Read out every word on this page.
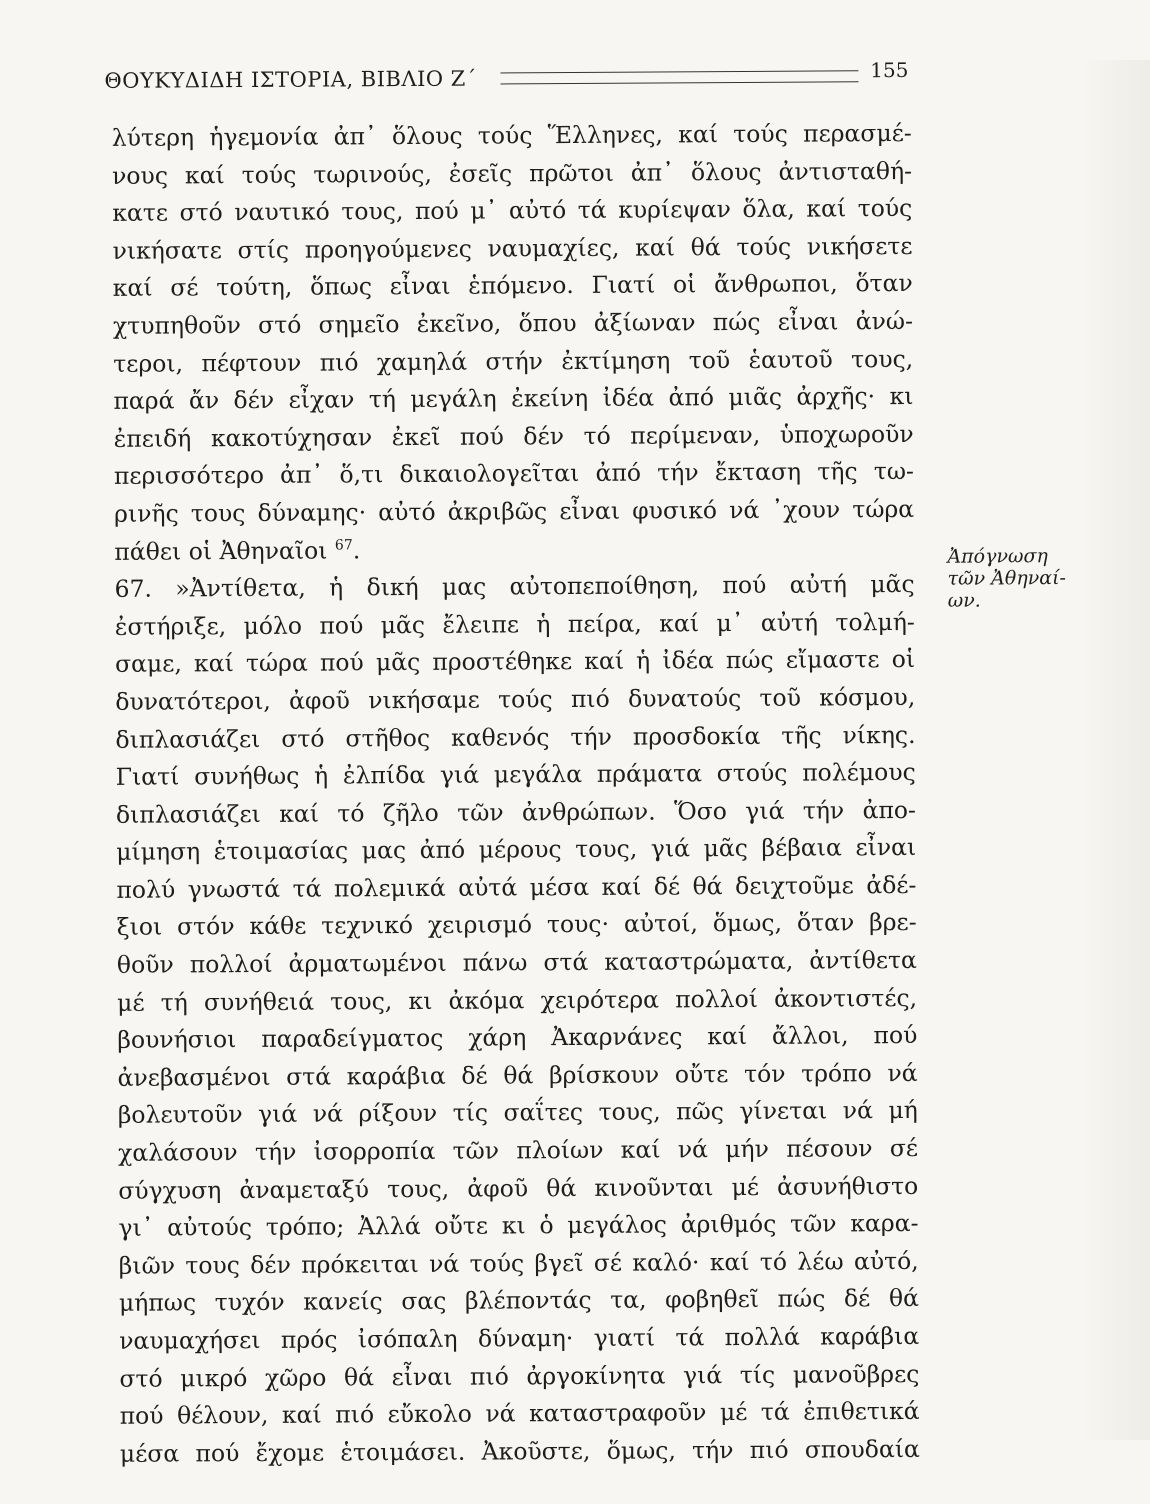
ΘΟΥΚΥΔΙΔΗ ΙΣΤΟΡΙΑ, ΒΙΒΛΙΟ Ζ΄	155
λύτερη ἡγεμονία ἀπ᾽ ὅλους τούς Ἕλληνες, καί τούς περασμέ-
νους καί τούς τωρινούς, ἐσεῖς πρῶτοι ἀπ᾽ ὅλους ἀντισταθή-
κατε στό ναυτικό τους, πού μ᾽ αὐτό τά κυρίεψαν ὅλα, καί τούς
νικήσατε στίς προηγούμενες ναυμαχίες, καί θά τούς νικήσετε
καί σέ τούτη, ὅπως εἶναι ἑπόμενο. Γιατί οἱ ἄνθρωποι, ὅταν
χτυπηθοῦν στό σημεῖο ἐκεῖνο, ὅπου ἀξίωναν πώς εἶναι ἀνώ-
τεροι, πέφτουν πιό χαμηλά στήν ἐκτίμηση τοῦ ἑαυτοῦ τους,
παρά ἄν δέν εἶχαν τή μεγάλη ἐκείνη ἰδέα ἀπό μιᾶς ἀρχῆς· κι
ἐπειδή κακοτύχησαν ἐκεῖ πού δέν τό περίμεναν, ὑποχωροῦν
περισσότερο ἀπ᾽ ὅ,τι δικαιολογεῖται ἀπό τήν ἔκταση τῆς τω-
ρινῆς τους δύναμης· αὐτό ἀκριβῶς εἶναι φυσικό νά ᾽χουν τώρα
πάθει οἱ Ἀθηναῖοι $^{67}$.
67. »Ἀντίθετα, ἡ δική μας αὐτοπεποίθηση, πού αὐτή μᾶς
ἐστήριξε, μόλο πού μᾶς ἔλειπε ἡ πείρα, καί μ᾽ αὐτή τολμή-
σαμε, καί τώρα πού μᾶς προστέθηκε καί ἡ ἰδέα πώς εἴμαστε οἱ
δυνατότεροι, ἀφοῦ νικήσαμε τούς πιό δυνατούς τοῦ κόσμου,
διπλασιάζει στό στῆθος καθενός τήν προσδοκία τῆς νίκης.
Γιατί συνήθως ἡ ἐλπίδα γιά μεγάλα πράματα στούς πολέμους
διπλασιάζει καί τό ζῆλο τῶν ἀνθρώπων. Ὅσο γιά τήν ἀπο-
μίμηση ἑτοιμασίας μας ἀπό μέρους τους, γιά μᾶς βέβαια εἶναι
πολύ γνωστά τά πολεμικά αὐτά μέσα καί δέ θά δειχτοῦμε ἀδέ-
ξιοι στόν κάθε τεχνικό χειρισμό τους· αὐτοί, ὅμως, ὅταν βρε-
θοῦν πολλοί ἀρματωμένοι πάνω στά καταστρώματα, ἀντίθετα
μέ τή συνήθειά τους, κι ἀκόμα χειρότερα πολλοί ἀκοντιστές,
βουνήσιοι παραδείγματος χάρη Ἀκαρνάνες καί ἄλλοι, πού
ἀνεβασμένοι στά καράβια δέ θά βρίσκουν οὔτε τόν τρόπο νά
βολευτοῦν γιά νά ρίξουν τίς σαΐτες τους, πῶς γίνεται νά μή
χαλάσουν τήν ἰσορροπία τῶν πλοίων καί νά μήν πέσουν σέ
σύγχυση ἀναμεταξύ τους, ἀφοῦ θά κινοῦνται μέ ἀσυνήθιστο
γι᾽ αὐτούς τρόπο; Ἀλλά οὔτε κι ὁ μεγάλος ἀριθμός τῶν καρα-
βιῶν τους δέν πρόκειται νά τούς βγεῖ σέ καλό· καί τό λέω αὐτό,
μήπως τυχόν κανείς σας βλέποντάς τα, φοβηθεῖ πώς δέ θά
ναυμαχήσει πρός ἰσόπαλη δύναμη· γιατί τά πολλά καράβια
στό μικρό χῶρο θά εἶναι πιό ἀργοκίνητα γιά τίς μανοῦβρες
πού θέλουν, καί πιό εὔκολο νά καταστραφοῦν μέ τά ἐπιθετικά
μέσα πού ἔχομε ἑτοιμάσει. Ἀκοῦστε, ὅμως, τήν πιό σπουδαία
Ἀπόγνωση
τῶν Ἀθηναί-
ων.
